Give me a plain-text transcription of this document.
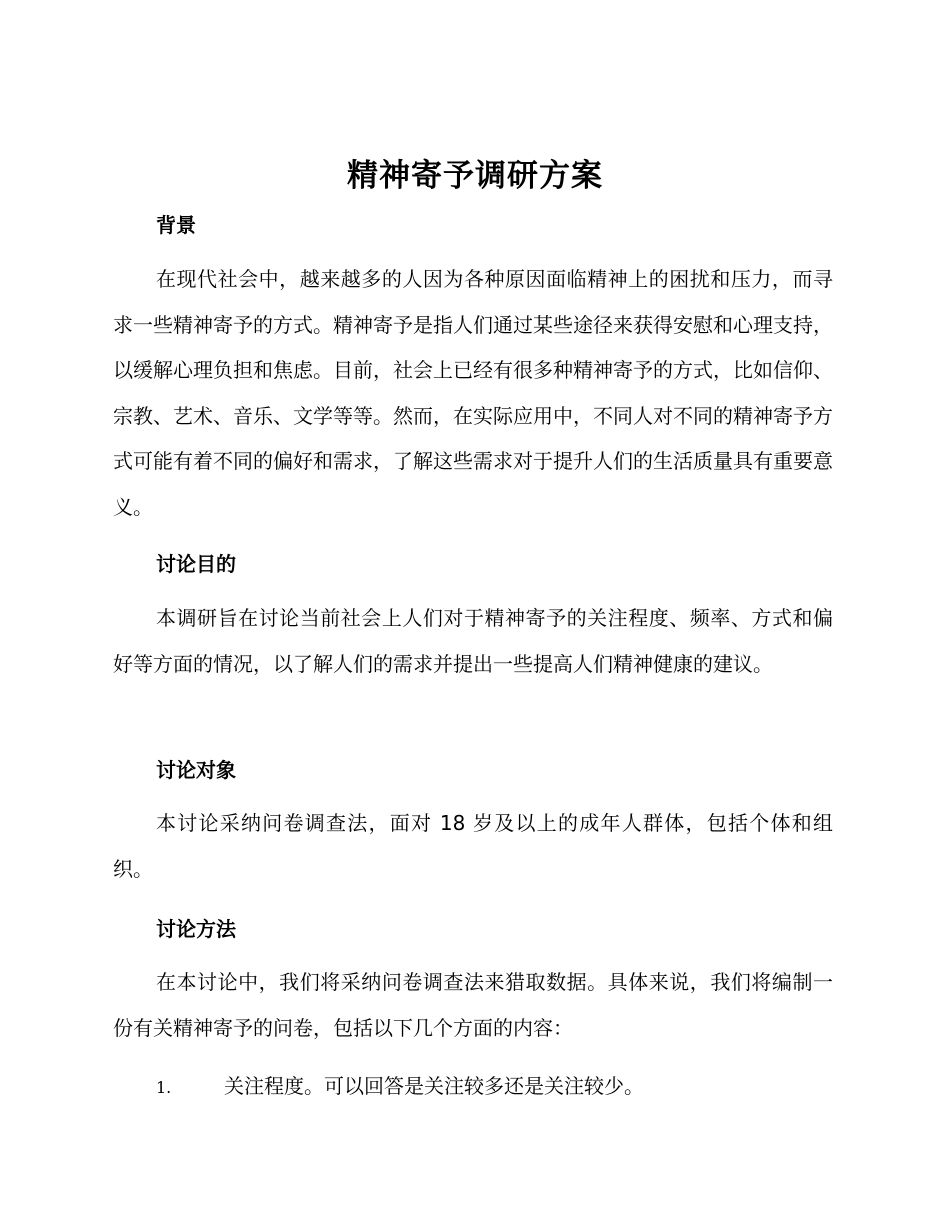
精神寄予调研方案
背景
在现代社会中，越来越多的人因为各种原因面临精神上的困扰和压力，而寻求一些精神寄予的方式。精神寄予是指人们通过某些途径来获得安慰和心理支持，以缓解心理负担和焦虑。目前，社会上已经有很多种精神寄予的方式，比如信仰、宗教、艺术、音乐、文学等等。然而，在实际应用中，不同人对不同的精神寄予方式可能有着不同的偏好和需求，了解这些需求对于提升人们的生活质量具有重要意义。
讨论目的
本调研旨在讨论当前社会上人们对于精神寄予的关注程度、频率、方式和偏好等方面的情况，以了解人们的需求并提出一些提高人们精神健康的建议。
讨论对象
本讨论采纳问卷调查法，面对 18 岁及以上的成年人群体，包括个体和组织。
讨论方法
在本讨论中，我们将采纳问卷调查法来猎取数据。具体来说，我们将编制一份有关精神寄予的问卷，包括以下几个方面的内容：
1.	关注程度。可以回答是关注较多还是关注较少。
